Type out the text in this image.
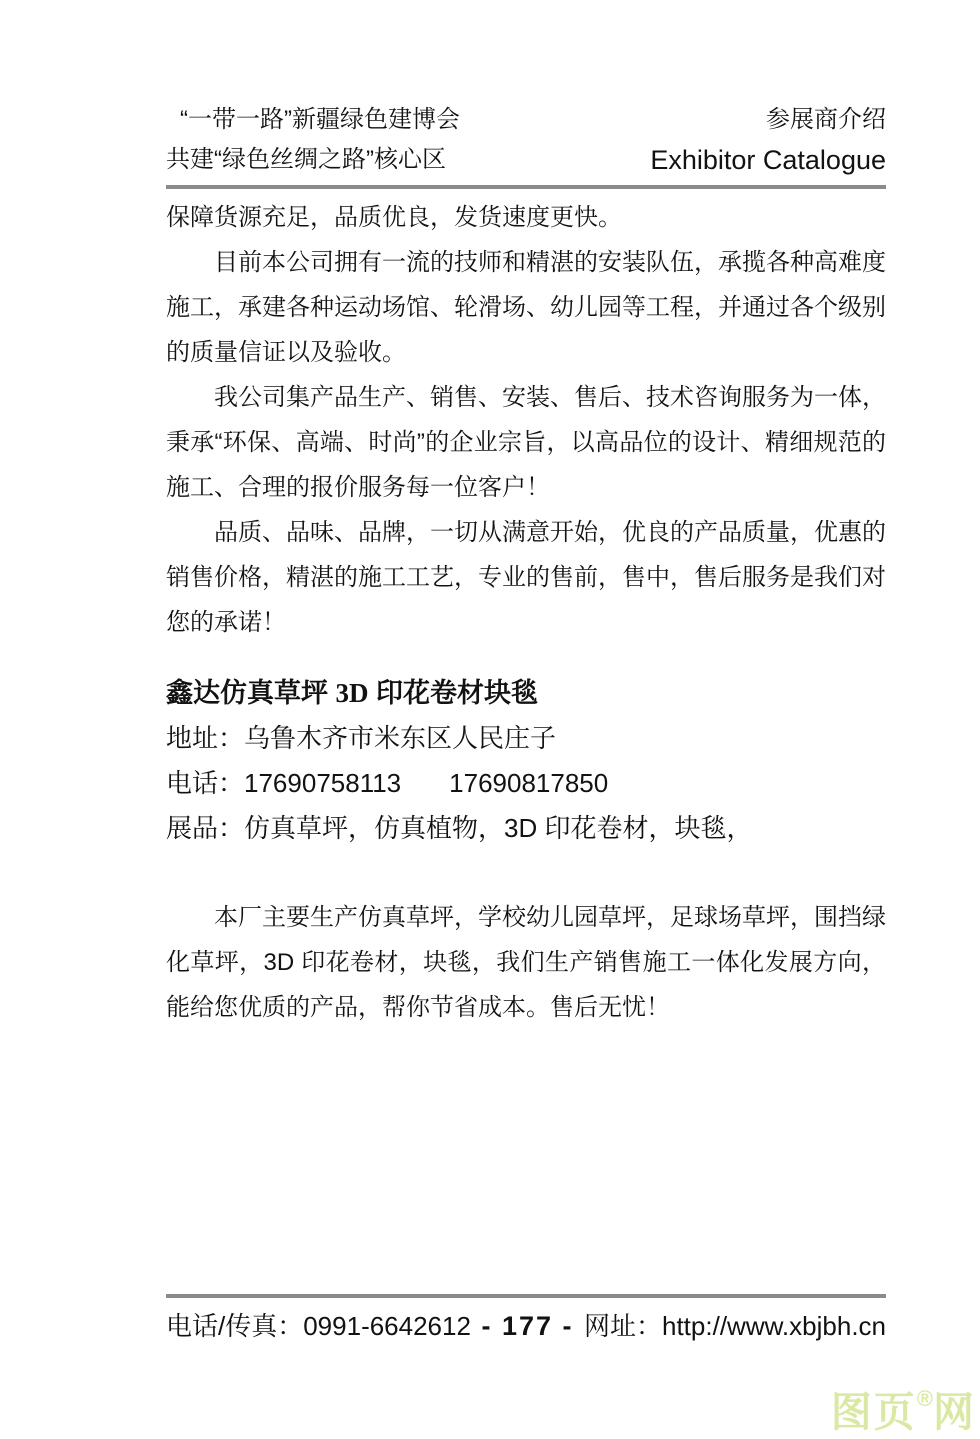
“一带一路”新疆绿色建博会
共建“绿色丝绸之路”核心区
参展商介绍
Exhibitor Catalogue

保障货源充足，品质优良，发货速度更快。

目前本公司拥有一流的技师和精湛的安装队伍，承揽各种高难度施工，承建各种运动场馆、轮滑场、幼儿园等工程，并通过各个级别的质量信证以及验收。

我公司集产品生产、销售、安装、售后、技术咨询服务为一体，秉承“环保、高端、时尚”的企业宗旨，以高品位的设计、精细规范的施工、合理的报价服务每一位客户！

品质、品味、品牌，一切从满意开始，优良的产品质量，优惠的销售价格，精湛的施工工艺，专业的售前，售中，售后服务是我们对您的承诺！

鑫达仿真草坪 3D 印花卷材块毯
地址：乌鲁木齐市米东区人民庄子
电话：17690758113 17690817850
展品：仿真草坪，仿真植物，3D 印花卷材，块毯，

本厂主要生产仿真草坪，学校幼儿园草坪，足球场草坪，围挡绿化草坪，3D 印花卷材，块毯，我们生产销售施工一体化发展方向，能给您优质的产品，帮你节省成本。售后无忧！

电话/传真：0991-6642612 - 177 - 网址：http://www.xbjbh.cn
图页®网
